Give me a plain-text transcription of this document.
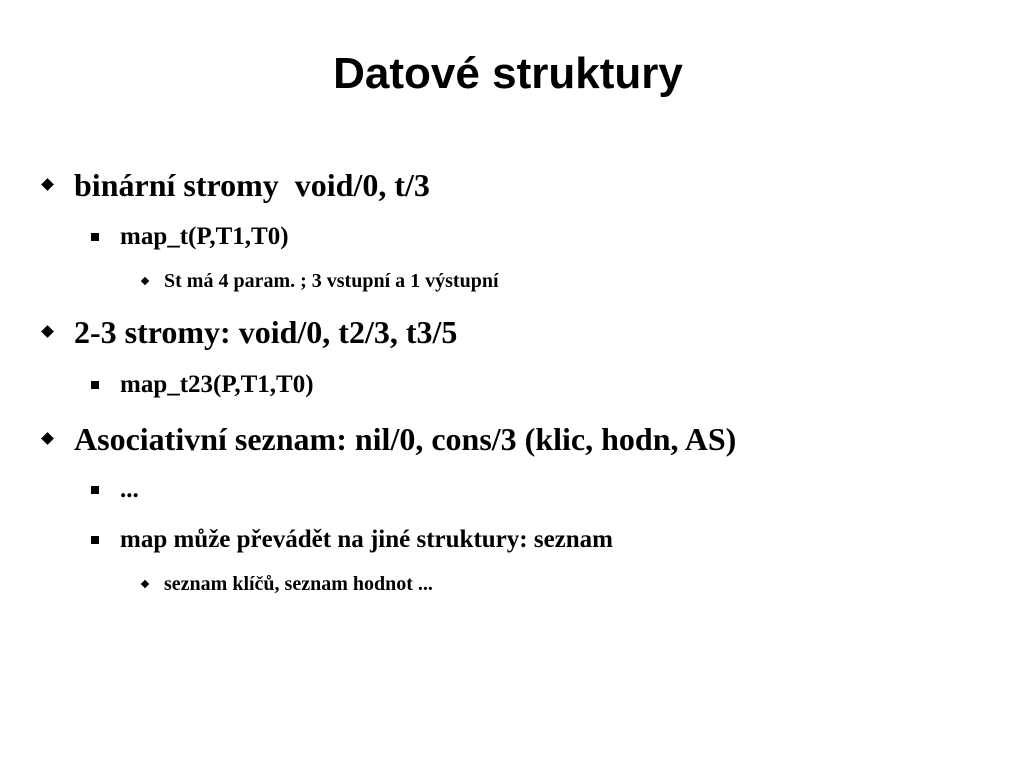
Datové struktury
binární stromy  void/0, t/3
map_t(P,T1,T0)
St má 4 param. ; 3 vstupní a 1 výstupní
2-3 stromy: void/0, t2/3, t3/5
map_t23(P,T1,T0)
Asociativní seznam: nil/0, cons/3 (klic, hodn, AS)
...
map může převádět na jiné struktury: seznam
seznam klíčů, seznam hodnot ...
